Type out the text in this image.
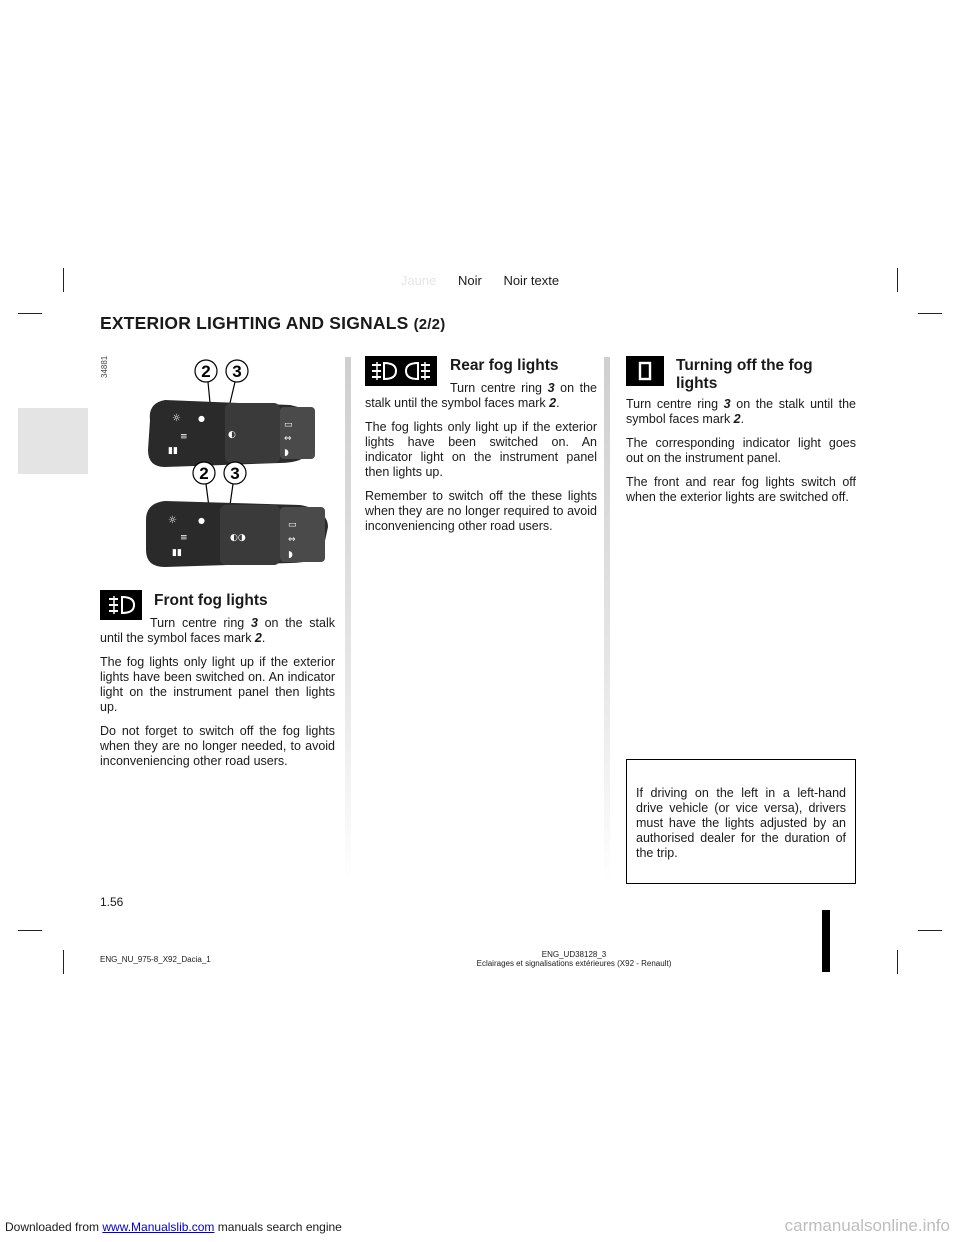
Jaune Noir Noir texte
EXTERIOR LIGHTING AND SIGNALS (2/2)
34881	2 3
☼ ●
≡
▮▮
◐
▭
⇔
◗
2 3
☼	●
≡
▮▮
◐◑
▭
⇔
◗
Front fog lights

Turn centre ring 3 on the stalk until the symbol faces mark 2.

The fog lights only light up if the exterior lights have been switched on. An indicator light on the instrument panel then lights up.

Do not forget to switch off the fog lights when they are no longer needed, to avoid inconveniencing other road users.

Rear fog lights

Turn centre ring 3 on the stalk until the symbol faces mark 2.

The fog lights only light up if the exterior lights have been switched on. An indicator light on the instrument panel then lights up.

Remember to switch off the these lights when they are no longer required to avoid inconveniencing other road users.

Turning off the fog lights

Turn centre ring 3 on the stalk until the symbol faces mark 2.

The corresponding indicator light goes out on the instrument panel.

The front and rear fog lights switch off when the exterior lights are switched off.

If driving on the left in a left-hand drive vehicle (or vice versa), drivers must have the lights adjusted by an authorised dealer for the duration of the trip.

1.56
ENG_NU_975-8_X92_Dacia_1
ENG_UD38128_3
Eclairages et signalisations extérieures (X92 - Renault)
Downloaded from www.Manualslib.com manuals search engine	carmanualsonline.info
